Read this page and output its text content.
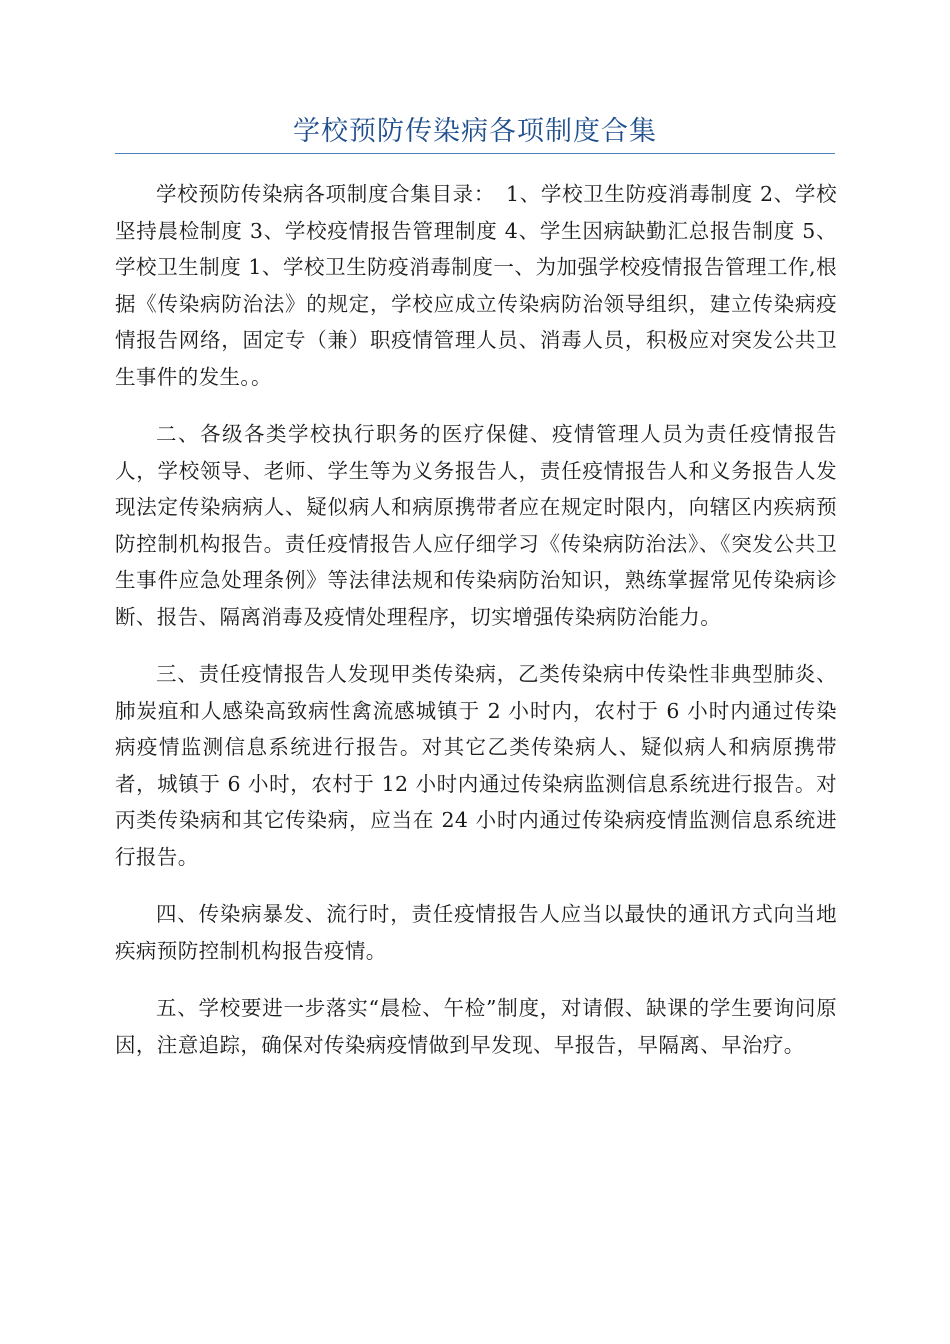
学校预防传染病各项制度合集

学校预防传染病各项制度合集目录：　1、学校卫生防疫消毒制度 2、学校坚持晨检制度 3、学校疫情报告管理制度 4、学生因病缺勤汇总报告制度 5、学校卫生制度 1、学校卫生防疫消毒制度一、为加强学校疫情报告管理工作,根据《传染病防治法》的规定，学校应成立传染病防治领导组织，建立传染病疫情报告网络，固定专（兼）职疫情管理人员、消毒人员，积极应对突发公共卫生事件的发生。。

二、各级各类学校执行职务的医疗保健、疫情管理人员为责任疫情报告人，学校领导、老师、学生等为义务报告人，责任疫情报告人和义务报告人发现法定传染病病人、疑似病人和病原携带者应在规定时限内，向辖区内疾病预防控制机构报告。责任疫情报告人应仔细学习《传染病防治法》、《突发公共卫生事件应急处理条例》等法律法规和传染病防治知识，熟练掌握常见传染病诊断、报告、隔离消毒及疫情处理程序，切实增强传染病防治能力。

三、责任疫情报告人发现甲类传染病，乙类传染病中传染性非典型肺炎、肺炭疽和人感染高致病性禽流感城镇于 2 小时内，农村于 6 小时内通过传染病疫情监测信息系统进行报告。对其它乙类传染病人、疑似病人和病原携带者，城镇于 6 小时，农村于 12 小时内通过传染病监测信息系统进行报告。对丙类传染病和其它传染病，应当在 24 小时内通过传染病疫情监测信息系统进行报告。

四、传染病暴发、流行时，责任疫情报告人应当以最快的通讯方式向当地疾病预防控制机构报告疫情。

五、学校要进一步落实“晨检、午检”制度，对请假、缺课的学生要询问原因，注意追踪，确保对传染病疫情做到早发现、早报告，早隔离、早治疗。
